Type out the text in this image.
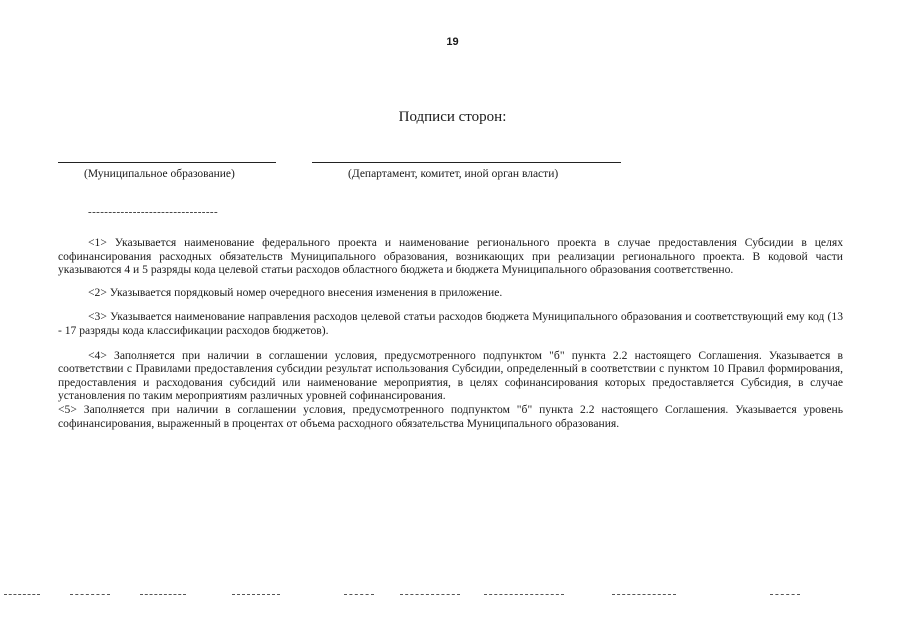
19
Подписи сторон:
(Муниципальное образование)	(Департамент, комитет, иной орган власти)
--------------------------------

<1> Указывается наименование федерального проекта и наименование регионального проекта в случае предоставления Субсидии в целях софинансирования расходных обязательств Муниципального образования, возникающих при реализации регионального проекта. В кодовой части указываются 4 и 5 разряды кода целевой статьи расходов областного бюджета и бюджета Муниципального образования соответственно.

<2> Указывается порядковый номер очередного внесения изменения в приложение.

<3> Указывается наименование направления расходов целевой статьи расходов бюджета Муниципального образования и соответствующий ему код (13 - 17 разряды кода классификации расходов бюджетов).

<4> Заполняется при наличии в соглашении условия, предусмотренного подпунктом "б" пункта 2.2 настоящего Соглашения. Указывается в соответствии с Правилами предоставления субсидии результат использования Субсидии, определенный в соответствии с пунктом 10 Правил формирования, предоставления и расходования субсидий или наименование мероприятия, в целях софинансирования которых предоставляется Субсидия, в случае установления по таким мероприятиям различных уровней софинансирования.

<5> Заполняется при наличии в соглашении условия, предусмотренного подпунктом "б" пункта 2.2 настоящего Соглашения. Указывается уровень софинансирования, выраженный в процентах от объема расходного обязательства Муниципального образования.
